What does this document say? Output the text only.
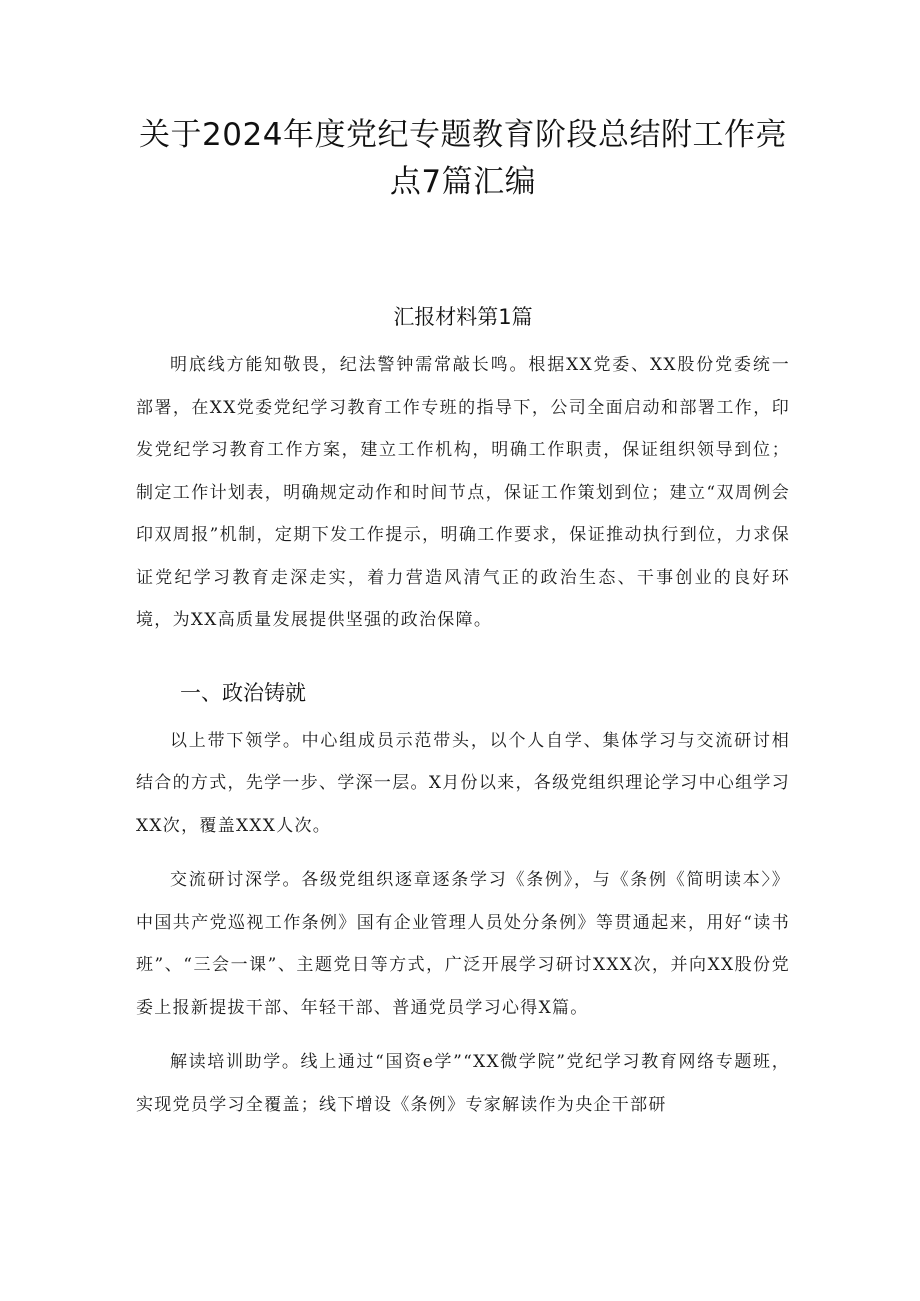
关于2024年度党纪专题教育阶段总结附工作亮点7篇汇编
汇报材料第1篇

明底线方能知敬畏，纪法警钟需常敲长鸣。根据XX党委、XX股份党委统一部署，在XX党委党纪学习教育工作专班的指导下，公司全面启动和部署工作，印发党纪学习教育工作方案，建立工作机构，明确工作职责，保证组织领导到位；制定工作计划表，明确规定动作和时间节点，保证工作策划到位；建立“双周例会印双周报”机制，定期下发工作提示，明确工作要求，保证推动执行到位，力求保证党纪学习教育走深走实，着力营造风清气正的政治生态、干事创业的良好环境，为XX高质量发展提供坚强的政治保障。

一、政治铸就

以上带下领学。中心组成员示范带头，以个人自学、集体学习与交流研讨相结合的方式，先学一步、学深一层。X月份以来，各级党组织理论学习中心组学习XX次，覆盖XXX人次。

交流研讨深学。各级党组织逐章逐条学习《条例》，与《条例《简明读本〉》中国共产党巡视工作条例》国有企业管理人员处分条例》等贯通起来，用好“读书班”、“三会一课”、主题党日等方式，广泛开展学习研讨XXX次，并向XX股份党委上报新提拔干部、年轻干部、普通党员学习心得X篇。

解读培训助学。线上通过“国资e学”“XX微学院”党纪学习教育网络专题班，实现党员学习全覆盖；线下增设《条例》专家解读作为央企干部研
